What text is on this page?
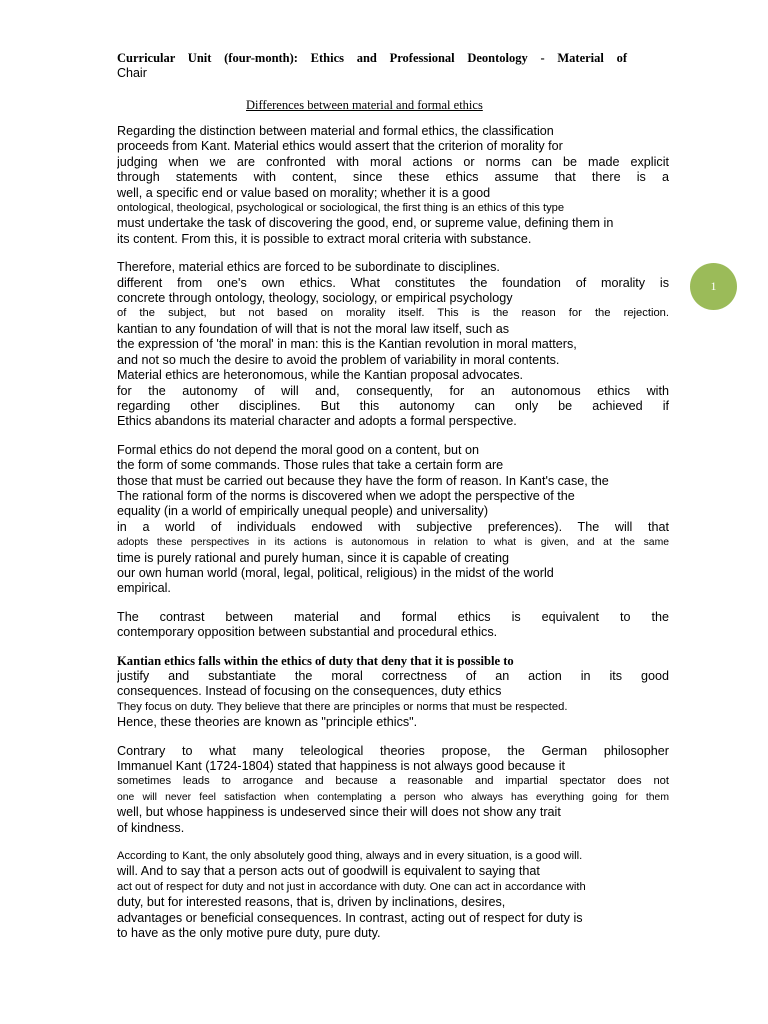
Curricular Unit (four-month): Ethics and Professional Deontology - Material of
Chair
Differences between material and formal ethics
1
Regarding the distinction between material and formal ethics, the classification
proceeds from Kant. Material ethics would assert that the criterion of morality for
judging when we are confronted with moral actions or norms can be made explicit
through statements with content, since these ethics assume that there is a
well, a specific end or value based on morality; whether it is a good
ontological, theological, psychological or sociological, the first thing is an ethics of this type
must undertake the task of discovering the good, end, or supreme value, defining them in
its content. From this, it is possible to extract moral criteria with substance.
Therefore, material ethics are forced to be subordinate to disciplines.
different from one's own ethics. What constitutes the foundation of morality is
concrete through ontology, theology, sociology, or empirical psychology
of the subject, but not based on morality itself. This is the reason for the rejection.
kantian to any foundation of will that is not the moral law itself, such as
the expression of 'the moral' in man: this is the Kantian revolution in moral matters,
and not so much the desire to avoid the problem of variability in moral contents.
Material ethics are heteronomous, while the Kantian proposal advocates.
for the autonomy of will and, consequently, for an autonomous ethics with
regarding other disciplines. But this autonomy can only be achieved if
Ethics abandons its material character and adopts a formal perspective.
Formal ethics do not depend the moral good on a content, but on
the form of some commands. Those rules that take a certain form are
those that must be carried out because they have the form of reason. In Kant's case, the
The rational form of the norms is discovered when we adopt the perspective of the
equality (in a world of empirically unequal people) and universality)
in a world of individuals endowed with subjective preferences). The will that
adopts these perspectives in its actions is autonomous in relation to what is given, and at the same
time is purely rational and purely human, since it is capable of creating
our own human world (moral, legal, political, religious) in the midst of the world
empirical.
The contrast between material and formal ethics is equivalent to the
contemporary opposition between substantial and procedural ethics.
Kantian ethics falls within the ethics of duty that deny that it is possible to
justify and substantiate the moral correctness of an action in its good
consequences. Instead of focusing on the consequences, duty ethics
They focus on duty. They believe that there are principles or norms that must be respected.
Hence, these theories are known as "principle ethics".
Contrary to what many teleological theories propose, the German philosopher
Immanuel Kant (1724-1804) stated that happiness is not always good because it
sometimes leads to arrogance and because a reasonable and impartial spectator does not
one will never feel satisfaction when contemplating a person who always has everything going for them
well, but whose happiness is undeserved since their will does not show any trait
of kindness.
According to Kant, the only absolutely good thing, always and in every situation, is a good will.
will. And to say that a person acts out of goodwill is equivalent to saying that
act out of respect for duty and not just in accordance with duty. One can act in accordance with
duty, but for interested reasons, that is, driven by inclinations, desires,
advantages or beneficial consequences. In contrast, acting out of respect for duty is
to have as the only motive pure duty, pure duty.
